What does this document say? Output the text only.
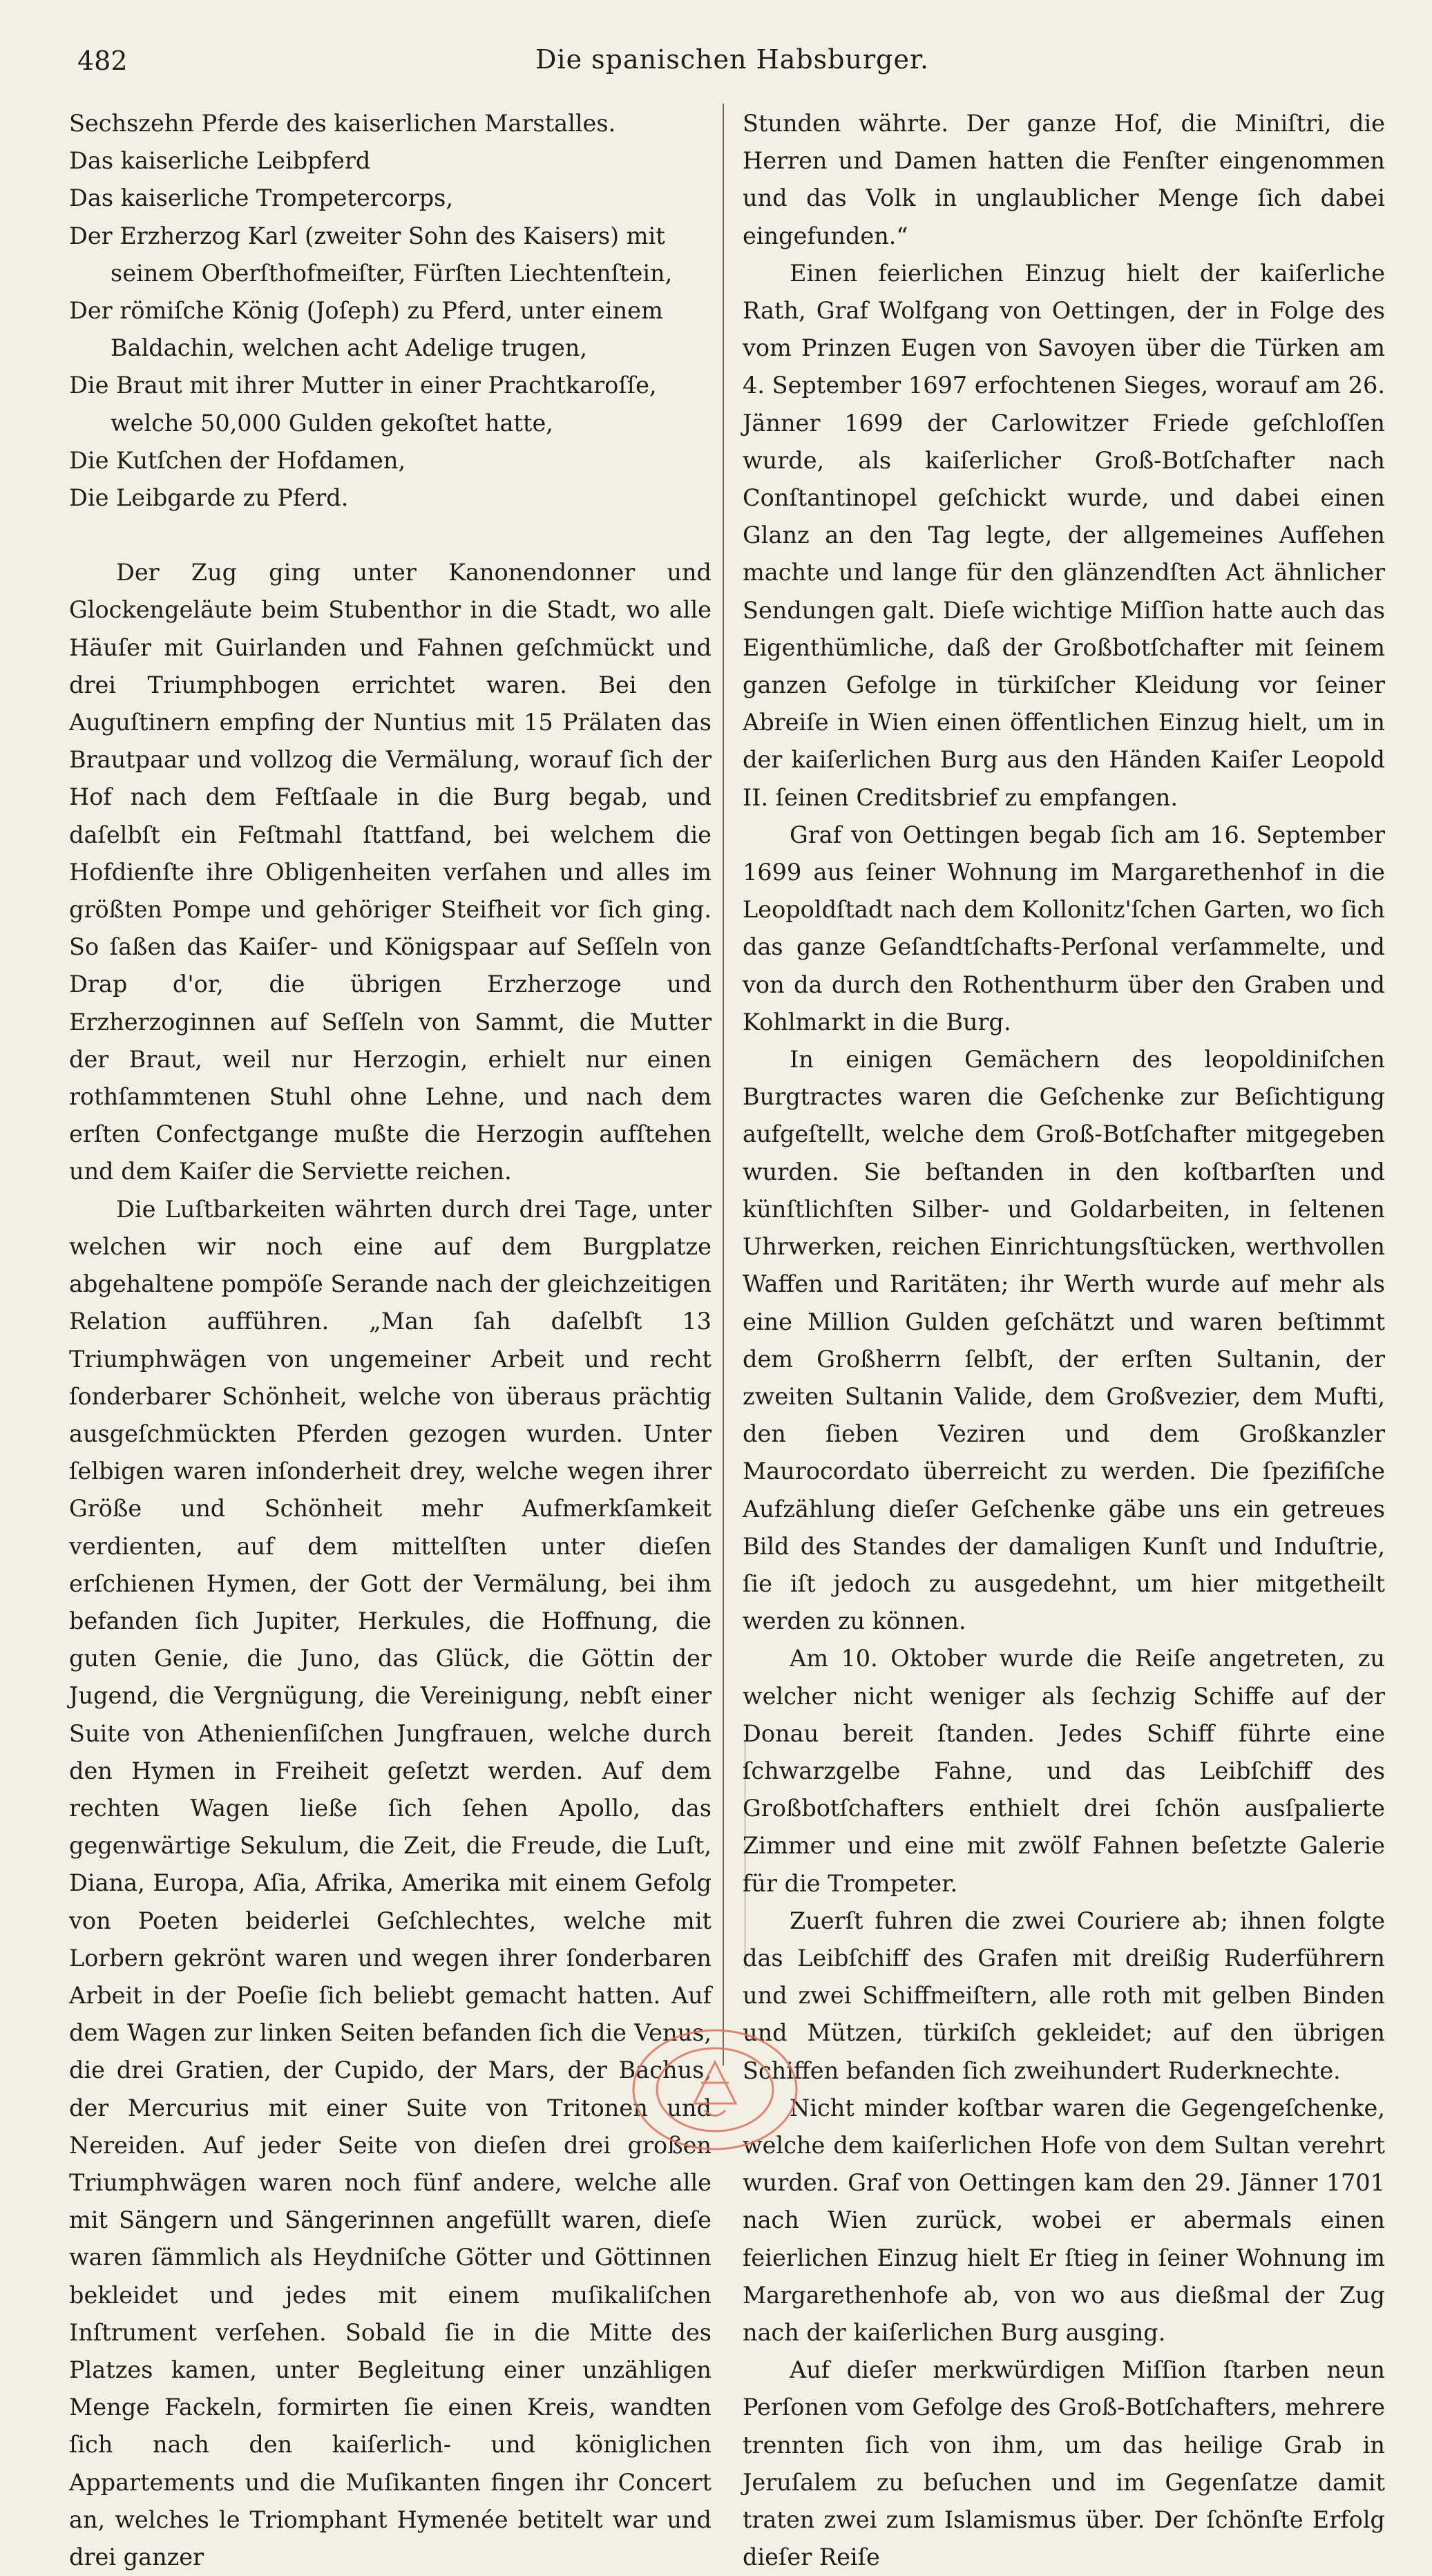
482	Die spanischen Habsburger.
Sechszehn Pferde des kaiserlichen Marstalles.
Das kaiserliche Leibpferd
Das kaiserliche Trompetercorps,
Der Erzherzog Karl (zweiter Sohn des Kaisers) mit seinem Oberſthofmeiſter, Fürſten Liechtenſtein,
Der römiſche König (Joſeph) zu Pferd, unter einem Baldachin, welchen acht Adelige trugen,
Die Braut mit ihrer Mutter in einer Prachtkaroſſe, welche 50,000 Gulden gekoſtet hatte,
Die Kutſchen der Hofdamen,
Die Leibgarde zu Pferd.

Der Zug ging unter Kanonendonner und Glockengeläute beim Stubenthor in die Stadt, wo alle Häuſer mit Guirlanden und Fahnen geſchmückt und drei Triumphbogen errichtet waren. Bei den Auguſtinern empfing der Nuntius mit 15 Prälaten das Brautpaar und vollzog die Vermälung, worauf ſich der Hof nach dem Feſtſaale in die Burg begab, und daſelbſt ein Feſtmahl ſtattfand, bei welchem die Hofdienſte ihre Obligenheiten verſahen und alles im größten Pompe und gehöriger Steifheit vor ſich ging. So ſaßen das Kaiſer- und Königspaar auf Seſſeln von Drap d'or, die übrigen Erzherzoge und Erzherzoginnen auf Seſſeln von Sammt, die Mutter der Braut, weil nur Herzogin, erhielt nur einen rothſammtenen Stuhl ohne Lehne, und nach dem erſten Confectgange mußte die Herzogin aufſtehen und dem Kaiſer die Serviette reichen.

Die Luſtbarkeiten währten durch drei Tage, unter welchen wir noch eine auf dem Burgplatze abgehaltene pompöſe Serande nach der gleichzeitigen Relation aufführen. „Man ſah daſelbſt 13 Triumphwägen von ungemeiner Arbeit und recht ſonderbarer Schönheit, welche von überaus prächtig ausgeſchmückten Pferden gezogen wurden. Unter ſelbigen waren inſonderheit drey, welche wegen ihrer Größe und Schönheit mehr Aufmerkſamkeit verdienten, auf dem mittelſten unter dieſen erſchienen Hymen, der Gott der Vermälung, bei ihm befanden ſich Jupiter, Herkules, die Hoffnung, die guten Genie, die Juno, das Glück, die Göttin der Jugend, die Vergnügung, die Vereinigung, nebſt einer Suite von Athenienſiſchen Jungfrauen, welche durch den Hymen in Freiheit geſetzt werden. Auf dem rechten Wagen ließe ſich ſehen Apollo, das gegenwärtige Sekulum, die Zeit, die Freude, die Luſt, Diana, Europa, Aſia, Afrika, Amerika mit einem Gefolg von Poeten beiderlei Geſchlechtes, welche mit Lorbern gekrönt waren und wegen ihrer ſonderbaren Arbeit in der Poeſie ſich beliebt gemacht hatten. Auf dem Wagen zur linken Seiten befanden ſich die Venus, die drei Gratien, der Cupido, der Mars, der Bachus, der Mercurius mit einer Suite von Tritonen und Nereiden. Auf jeder Seite von dieſen drei großen Triumphwägen waren noch fünf andere, welche alle mit Sängern und Sängerinnen angefüllt waren, dieſe waren ſämmlich als Heydniſche Götter und Göttinnen bekleidet und jedes mit einem muſikaliſchen Inſtrument verſehen. Sobald ſie in die Mitte des Platzes kamen, unter Begleitung einer unzähligen Menge Fackeln, formirten ſie einen Kreis, wandten ſich nach den kaiſerlich- und königlichen Appartements und die Muſikanten fingen ihr Concert an, welches le Triomphant Hymenée betitelt war und drei ganzer

Stunden währte. Der ganze Hof, die Miniſtri, die Herren und Damen hatten die Fenſter eingenommen und das Volk in unglaublicher Menge ſich dabei eingefunden.“

Einen feierlichen Einzug hielt der kaiſerliche Rath, Graf Wolfgang von Oettingen, der in Folge des vom Prinzen Eugen von Savoyen über die Türken am 4. September 1697 erfochtenen Sieges, worauf am 26. Jänner 1699 der Carlowitzer Friede geſchloſſen wurde, als kaiſerlicher Groß-Botſchafter nach Conſtantinopel geſchickt wurde, und dabei einen Glanz an den Tag legte, der allgemeines Aufſehen machte und lange für den glänzendſten Act ähnlicher Sendungen galt. Dieſe wichtige Miſſion hatte auch das Eigenthümliche, daß der Großbotſchafter mit ſeinem ganzen Gefolge in türkiſcher Kleidung vor ſeiner Abreiſe in Wien einen öffentlichen Einzug hielt, um in der kaiſerlichen Burg aus den Händen Kaiſer Leopold II. ſeinen Creditsbrief zu empfangen.

Graf von Oettingen begab ſich am 16. September 1699 aus ſeiner Wohnung im Margarethenhof in die Leopoldſtadt nach dem Kollonitz'ſchen Garten, wo ſich das ganze Geſandtſchafts-Perſonal verſammelte, und von da durch den Rothenthurm über den Graben und Kohlmarkt in die Burg.

In einigen Gemächern des leopoldiniſchen Burgtractes waren die Geſchenke zur Beſichtigung aufgeſtellt, welche dem Groß-Botſchafter mitgegeben wurden. Sie beſtanden in den koſtbarſten und künſtlichſten Silber- und Goldarbeiten, in ſeltenen Uhrwerken, reichen Einrichtungsſtücken, werthvollen Waffen und Raritäten; ihr Werth wurde auf mehr als eine Million Gulden geſchätzt und waren beſtimmt dem Großherrn ſelbſt, der erſten Sultanin, der zweiten Sultanin Valide, dem Großvezier, dem Mufti, den ſieben Veziren und dem Großkanzler Maurocordato überreicht zu werden. Die ſpezifiſche Aufzählung dieſer Geſchenke gäbe uns ein getreues Bild des Standes der damaligen Kunſt und Induſtrie, ſie iſt jedoch zu ausgedehnt, um hier mitgetheilt werden zu können.

Am 10. Oktober wurde die Reiſe angetreten, zu welcher nicht weniger als ſechzig Schiffe auf der Donau bereit ſtanden. Jedes Schiff führte eine ſchwarzgelbe Fahne, und das Leibſchiff des Großbotſchafters enthielt drei ſchön ausſpalierte Zimmer und eine mit zwölf Fahnen beſetzte Galerie für die Trompeter.

Zuerſt fuhren die zwei Couriere ab; ihnen folgte das Leibſchiff des Grafen mit dreißig Ruderführern und zwei Schiffmeiſtern, alle roth mit gelben Binden und Mützen, türkiſch gekleidet; auf den übrigen Schiffen befanden ſich zweihundert Ruderknechte.

Nicht minder koſtbar waren die Gegengeſchenke, welche dem kaiſerlichen Hofe von dem Sultan verehrt wurden. Graf von Oettingen kam den 29. Jänner 1701 nach Wien zurück, wobei er abermals einen feierlichen Einzug hielt Er ſtieg in ſeiner Wohnung im Margarethenhofe ab, von wo aus dießmal der Zug nach der kaiſerlichen Burg ausging.

Auf dieſer merkwürdigen Miſſion ſtarben neun Perſonen vom Gefolge des Groß-Botſchafters, mehrere trennten ſich von ihm, um das heilige Grab in Jeruſalem zu beſuchen und im Gegenſatze damit traten zwei zum Islamismus über. Der ſchönſte Erfolg dieſer Reiſe
